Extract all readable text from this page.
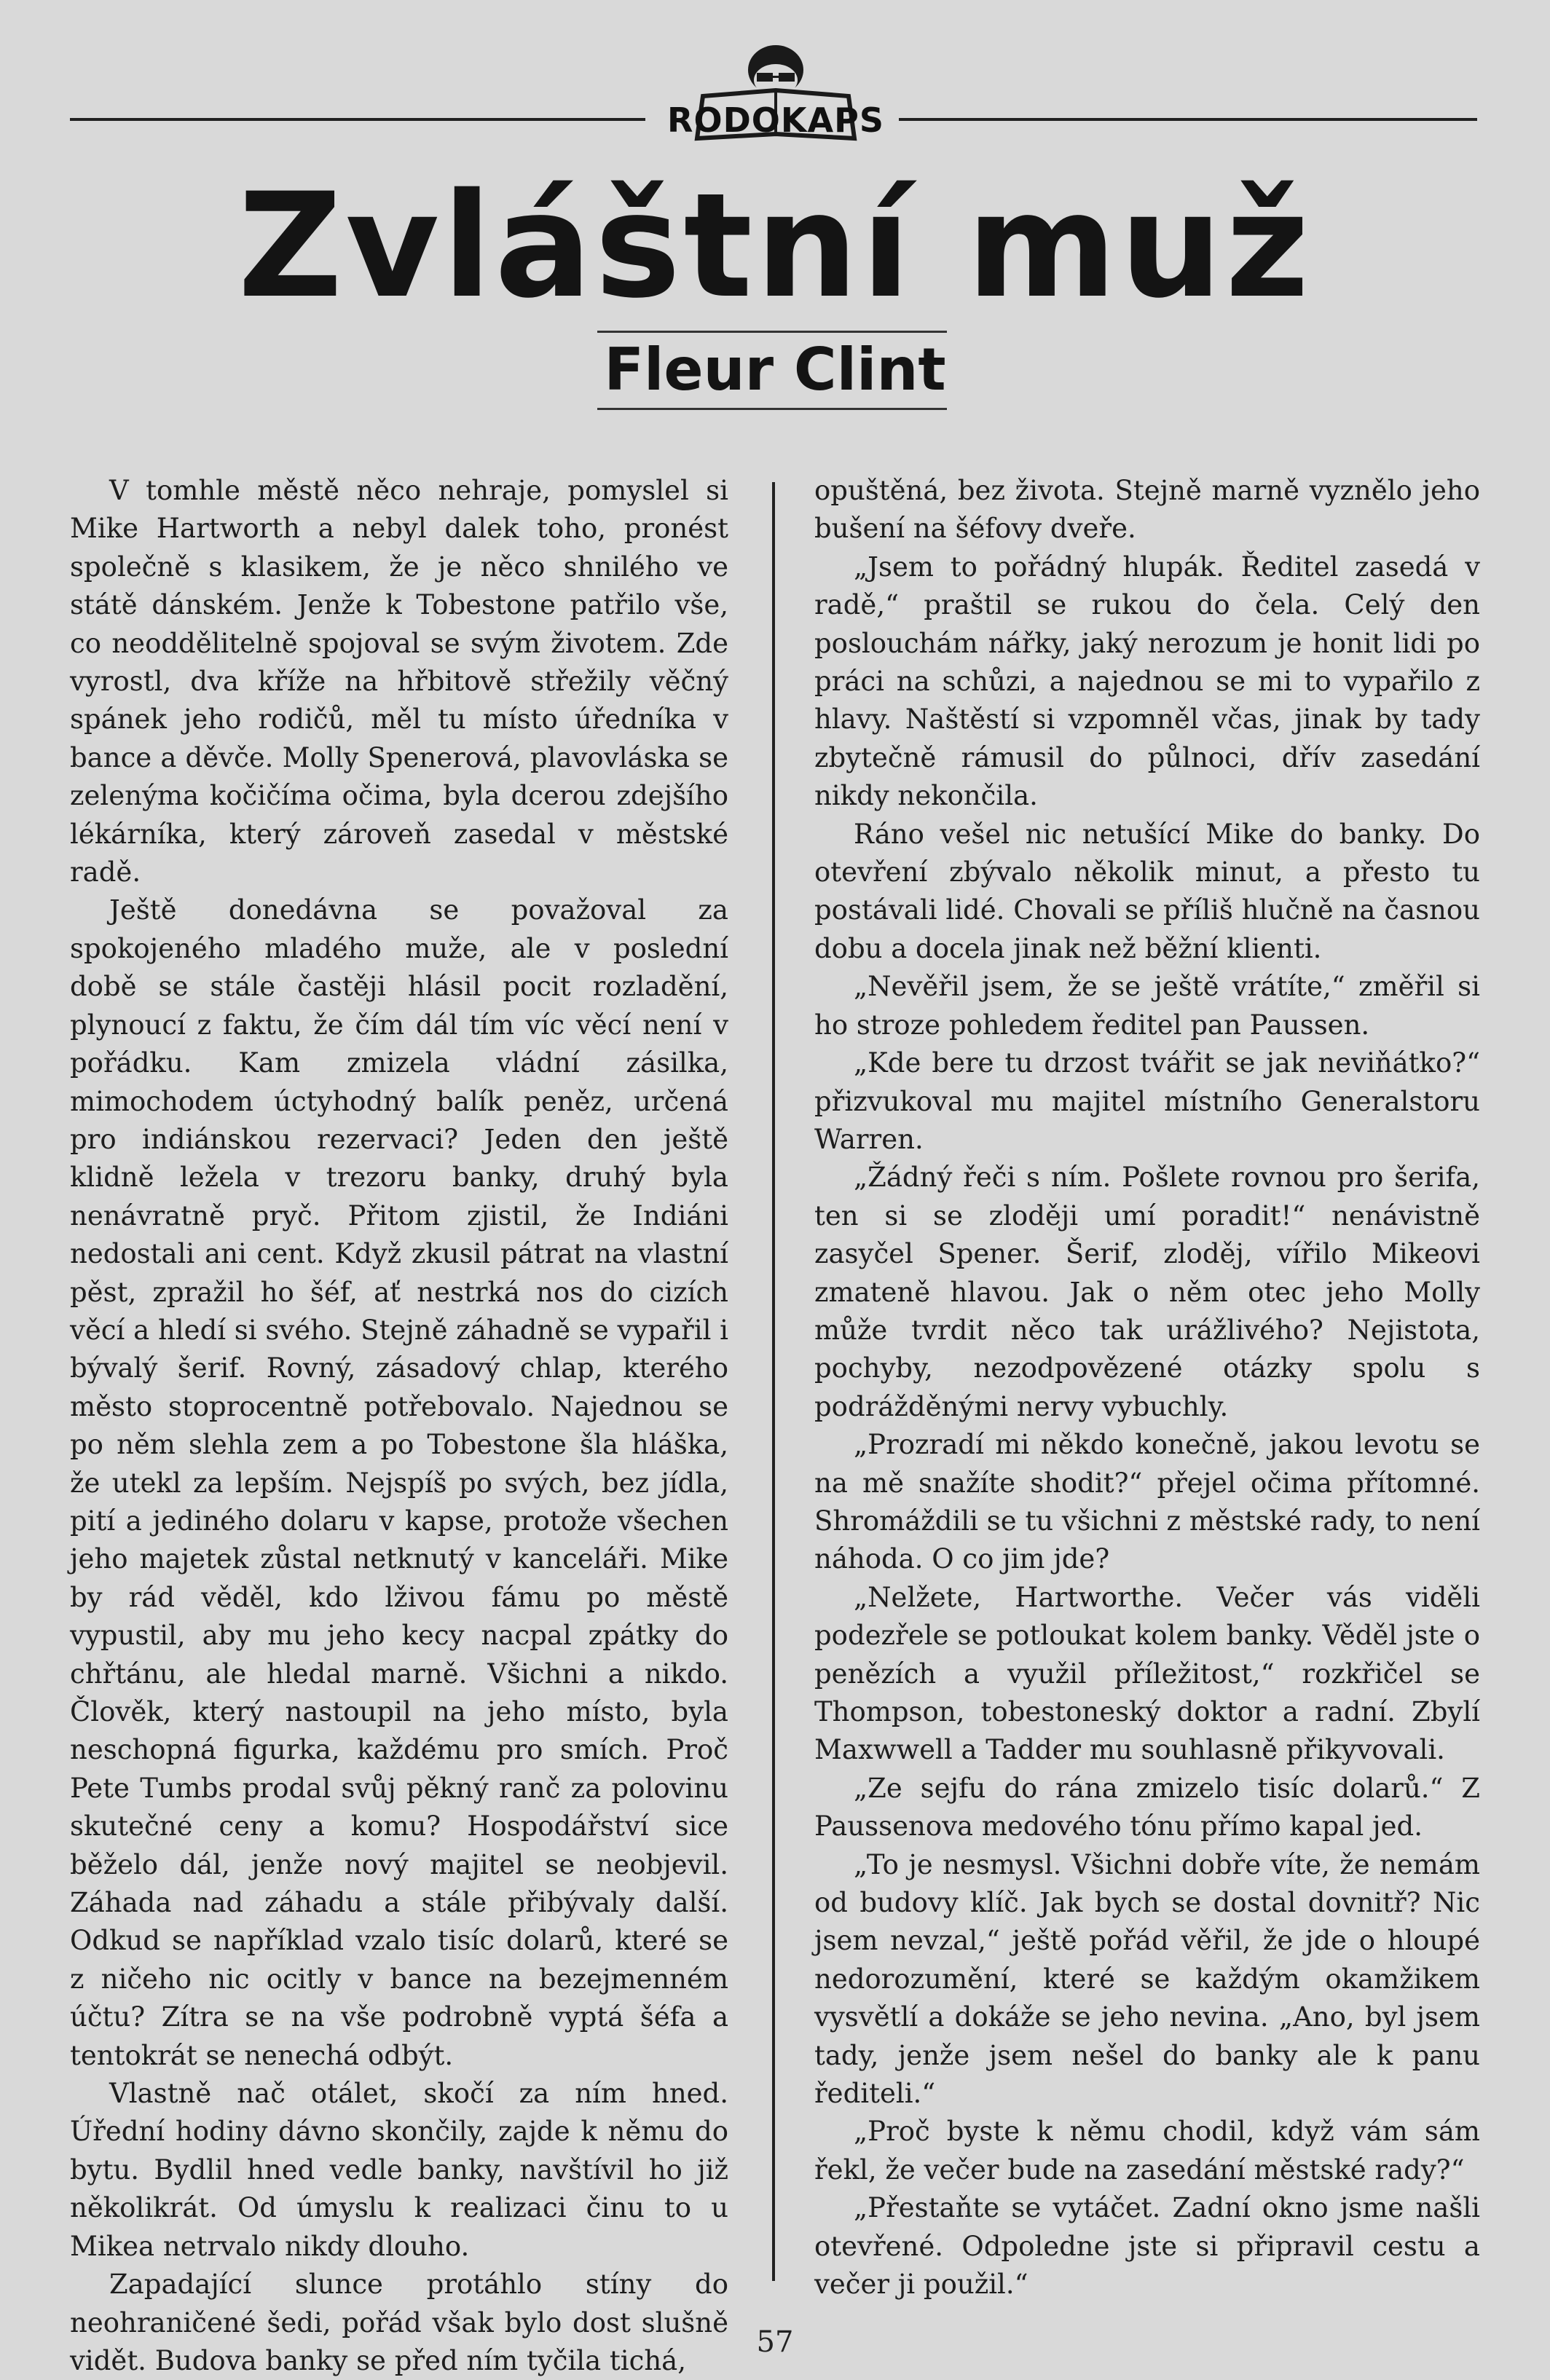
RODOKAPS
Zvláštní muž
Fleur Clint

V tomhle městě něco nehraje, pomyslel si Mike Hartworth a nebyl dalek toho, pronést společně s klasikem, že je něco shnilého ve státě dánském. Jenže k Tobestone patřilo vše, co neoddělitelně spojoval se svým životem. Zde vyrostl, dva kříže na hřbitově střežily věčný spánek jeho rodičů, měl tu místo úředníka v bance a děvče. Molly Spenerová, plavovláska se zelenýma kočičíma očima, byla dcerou zdejšího lékárníka, který zároveň zasedal v městské radě.

Ještě donedávna se považoval za spokojeného mladého muže, ale v poslední době se stále častěji hlásil pocit rozladění, plynoucí z faktu, že čím dál tím víc věcí není v pořádku. Kam zmizela vládní zásilka, mimochodem úctyhodný balík peněz, určená pro indiánskou rezervaci? Jeden den ještě klidně ležela v trezoru banky, druhý byla nenávratně pryč. Přitom zjistil, že Indiáni nedostali ani cent. Když zkusil pátrat na vlastní pěst, zpražil ho šéf, ať nestrká nos do cizích věcí a hledí si svého. Stejně záhadně se vypařil i bývalý šerif. Rovný, zásadový chlap, kterého město stoprocentně potřebovalo. Najednou se po něm slehla zem a po Tobestone šla hláška, že utekl za lepším. Nejspíš po svých, bez jídla, pití a jediného dolaru v kapse, protože všechen jeho majetek zůstal netknutý v kanceláři. Mike by rád věděl, kdo lživou fámu po městě vypustil, aby mu jeho kecy nacpal zpátky do chřtánu, ale hledal marně. Všichni a nikdo. Člověk, který nastoupil na jeho místo, byla neschopná figurka, každému pro smích. Proč Pete Tumbs prodal svůj pěkný ranč za polovinu skutečné ceny a komu? Hospodářství sice běželo dál, jenže nový majitel se neobjevil. Záhada nad záhadu a stále přibývaly další. Odkud se například vzalo tisíc dolarů, které se z ničeho nic ocitly v bance na bezejmenném účtu? Zítra se na vše podrobně vyptá šéfa a tentokrát se nenechá odbýt.

Vlastně nač otálet, skočí za ním hned. Úřední hodiny dávno skončily, zajde k němu do bytu. Bydlil hned vedle banky, navštívil ho již několikrát. Od úmyslu k realizaci činu to u Mikea netrvalo nikdy dlouho.

Zapadající slunce protáhlo stíny do neohraničené šedi, pořád však bylo dost slušně vidět. Budova banky se před ním tyčila tichá,

opuštěná, bez života. Stejně marně vyznělo jeho bušení na šéfovy dveře.

„Jsem to pořádný hlupák. Ředitel zasedá v radě,“ praštil se rukou do čela. Celý den poslouchám nářky, jaký nerozum je honit lidi po práci na schůzi, a najednou se mi to vypařilo z hlavy. Naštěstí si vzpomněl včas, jinak by tady zbytečně rámusil do půlnoci, dřív zasedání nikdy nekončila.

Ráno vešel nic netušící Mike do banky. Do otevření zbývalo několik minut, a přesto tu postávali lidé. Chovali se příliš hlučně na časnou dobu a docela jinak než běžní klienti.

„Nevěřil jsem, že se ještě vrátíte,“ změřil si ho stroze pohledem ředitel pan Paussen.

„Kde bere tu drzost tvářit se jak neviňátko?“ přizvukoval mu majitel místního Generalstoru Warren.

„Žádný řeči s ním. Pošlete rovnou pro šerifa, ten si se zloději umí poradit!“ nenávistně zasyčel Spener. Šerif, zloděj, vířilo Mikeovi zmateně hlavou. Jak o něm otec jeho Molly může tvrdit něco tak urážlivého? Nejistota, pochyby, nezodpovězené otázky spolu s podrážděnými nervy vybuchly.

„Prozradí mi někdo konečně, jakou levotu se na mě snažíte shodit?“ přejel očima přítomné. Shromáždili se tu všichni z městské rady, to není náhoda. O co jim jde?

„Nelžete, Hartworthe. Večer vás viděli podezřele se potloukat kolem banky. Věděl jste o penězích a využil příležitost,“ rozkřičel se Thompson, tobestoneský doktor a radní. Zbylí Maxwwell a Tadder mu souhlasně přikyvovali.

„Ze sejfu do rána zmizelo tisíc dolarů.“ Z Paussenova medového tónu přímo kapal jed.

„To je nesmysl. Všichni dobře víte, že nemám od budovy klíč. Jak bych se dostal dovnitř? Nic jsem nevzal,“ ještě pořád věřil, že jde o hloupé nedorozumění, které se každým okamžikem vysvětlí a dokáže se jeho nevina. „Ano, byl jsem tady, jenže jsem nešel do banky ale k panu řediteli.“

„Proč byste k němu chodil, když vám sám řekl, že večer bude na zasedání městské rady?“

„Přestaňte se vytáčet. Zadní okno jsme našli otevřené. Odpoledne jste si připravil cestu a večer ji použil.“

57
